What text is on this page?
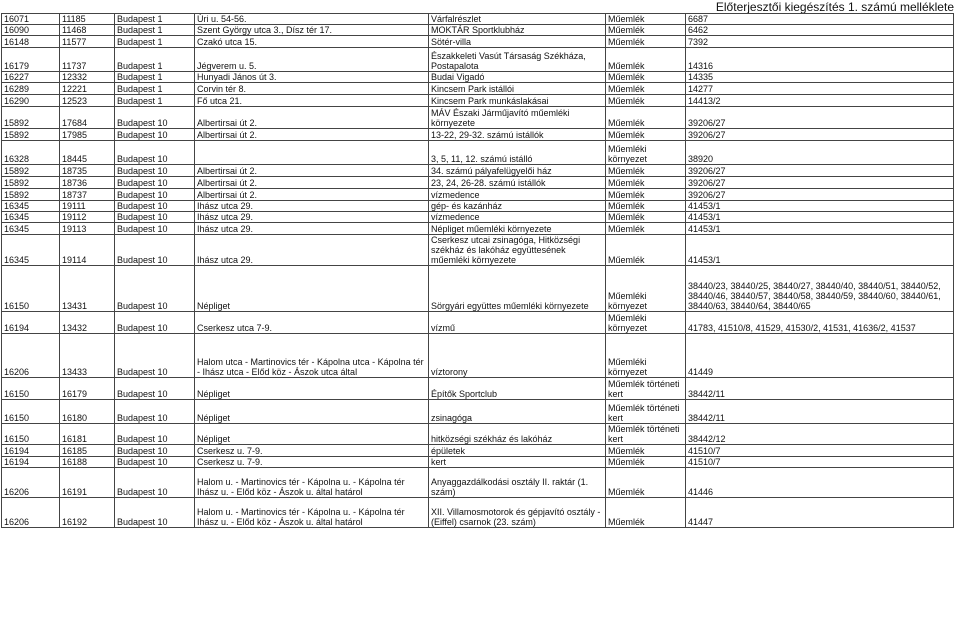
Előterjesztői kiegészítés 1. számú melléklete
16071	11185	Budapest 1	Úri u. 54-56.	Várfalrészlet	Műemlék	6687
16090	11468	Budapest 1	Szent György utca 3., Dísz tér 17.	MOKTÁR Sportklubház	Műemlék	6462
16148	11577	Budapest 1	Czakó utca 15.	Sötér-villa	Műemlék	7392
16179	11737	Budapest 1	Jégverem u. 5.	Északkeleti Vasút Társaság Székháza, Postapalota	Műemlék	14316
16227	12332	Budapest 1	Hunyadi János út 3.	Budai Vigadó	Műemlék	14335
16289	12221	Budapest 1	Corvin tér 8.	Kincsem Park istállói	Műemlék	14277
16290	12523	Budapest 1	Fő utca 21.	Kincsem Park munkáslakásai	Műemlék	14413/2
15892	17684	Budapest 10	Albertirsai út 2.	MÁV Északi Járműjavító műemléki környezete	Műemlék	39206/27
15892	17985	Budapest 10	Albertirsai út 2.	13-22, 29-32. számú istállók	Műemlék	39206/27
16328	18445	Budapest 10		3, 5, 11, 12. számú istálló	Műemléki környezet	38920
15892	18735	Budapest 10	Albertirsai út 2.	34. számú pályafelügyelői ház	Műemlék	39206/27
15892	18736	Budapest 10	Albertirsai út 2.	23, 24, 26-28. számú istállók	Műemlék	39206/27
15892	18737	Budapest 10	Albertirsai út 2.	vízmedence	Műemlék	39206/27
16345	19111	Budapest 10	Ihász utca 29.	gép- és kazánház	Műemlék	41453/1
16345	19112	Budapest 10	Ihász utca 29.	vízmedence	Műemlék	41453/1
16345	19113	Budapest 10	Ihász utca 29.	Népliget műemléki környezete	Műemlék	41453/1
16345	19114	Budapest 10	Ihász utca 29.	Cserkesz utcai zsinagóga, Hitközségi székház és lakóház együttesének műemléki környezete	Műemlék	41453/1
16150	13431	Budapest 10	Népliget	Sörgyári együttes műemléki környezete	Műemléki környezet	38440/23, 38440/25, 38440/27, 38440/40, 38440/51, 38440/52, 38440/46, 38440/57, 38440/58, 38440/59, 38440/60, 38440/61, 38440/63, 38440/64, 38440/65
16194	13432	Budapest 10	Cserkesz utca 7-9.	vízmű	Műemléki környezet	41783, 41510/8, 41529, 41530/2, 41531, 41636/2, 41537
16206	13433	Budapest 10	Halom utca - Martinovics tér - Kápolna utca - Kápolna tér - Ihász utca - Előd köz - Ászok utca által	víztorony	Műemléki környezet	41449
16150	16179	Budapest 10	Népliget	Építők Sportclub	Műemlék történeti kert	38442/11
16150	16180	Budapest 10	Népliget	zsinagóga	Műemlék történeti kert	38442/11
16150	16181	Budapest 10	Népliget	hitközségi székház és lakóház	Műemlék történeti kert	38442/12
16194	16185	Budapest 10	Cserkesz u. 7-9.	épületek	Műemlék	41510/7
16194	16188	Budapest 10	Cserkesz u. 7-9.	kert	Műemlék	41510/7
16206	16191	Budapest 10	Halom u. - Martinovics tér - Kápolna u. - Kápolna tér Ihász u. - Előd köz - Ászok u. által határol	Anyaggazdálkodási osztály II. raktár (1. szám)	Műemlék	41446
16206	16192	Budapest 10	Halom u. - Martinovics tér - Kápolna u. - Kápolna tér Ihász u. - Előd köz - Ászok u. által határol	XII. Villamosmotorok és gépjavító osztály - (Eiffel) csarnok (23. szám)	Műemlék	41447
